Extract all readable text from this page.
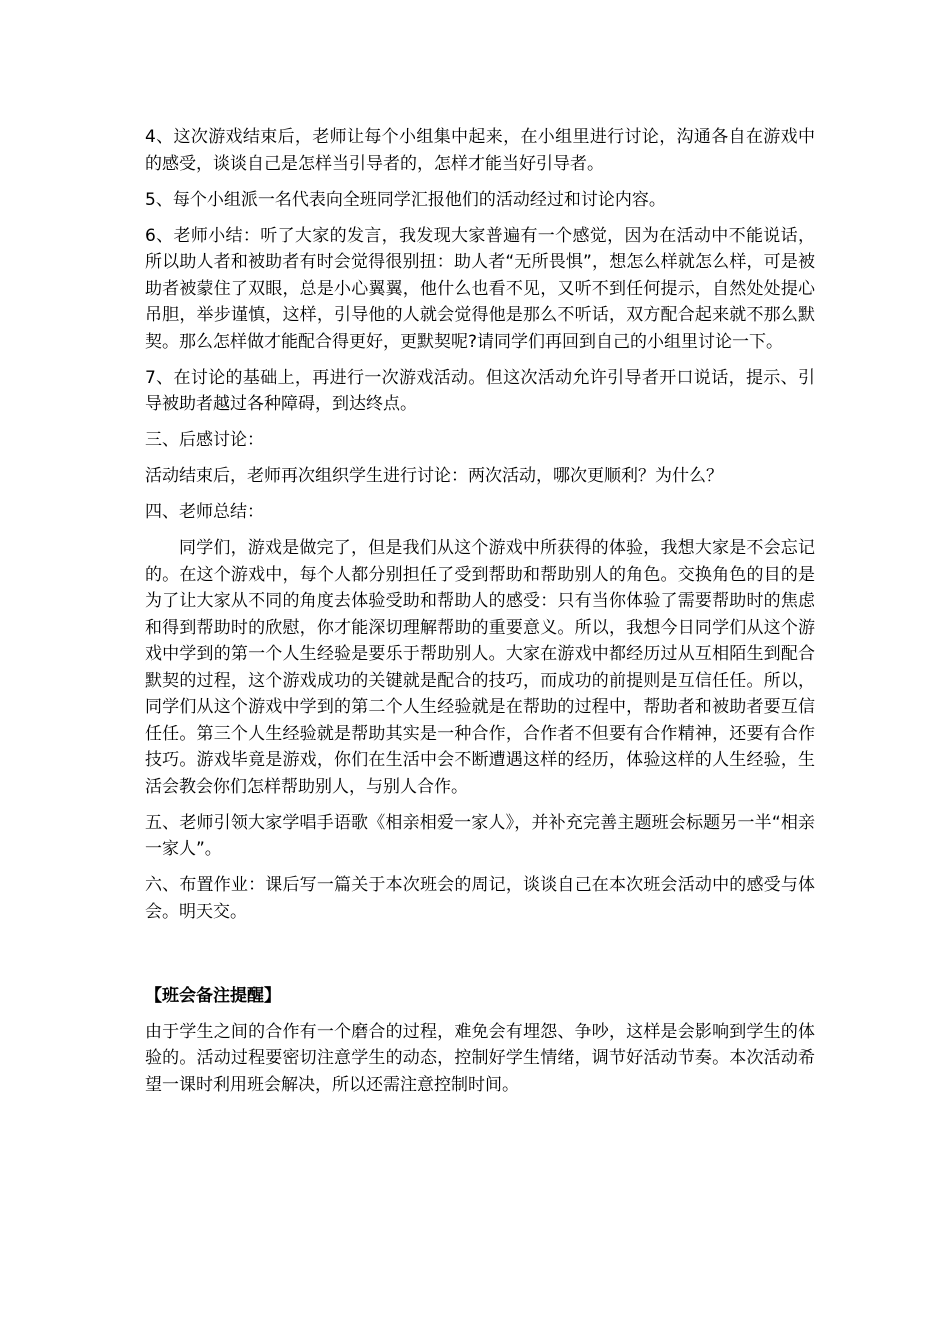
4、这次游戏结束后，老师让每个小组集中起来，在小组里进行讨论，沟通各自在游戏中的感受，谈谈自己是怎样当引导者的，怎样才能当好引导者。

5、每个小组派一名代表向全班同学汇报他们的活动经过和讨论内容。

6、老师小结：听了大家的发言，我发现大家普遍有一个感觉，因为在活动中不能说话，所以助人者和被助者有时会觉得很别扭：助人者“无所畏惧”，想怎么样就怎么样，可是被助者被蒙住了双眼，总是小心翼翼，他什么也看不见，又听不到任何提示，自然处处提心吊胆，举步谨慎，这样，引导他的人就会觉得他是那么不听话，双方配合起来就不那么默契。那么怎样做才能配合得更好，更默契呢?请同学们再回到自己的小组里讨论一下。

7、在讨论的基础上，再进行一次游戏活动。但这次活动允许引导者开口说话，提示、引导被助者越过各种障碍，到达终点。

三、后感讨论：

活动结束后，老师再次组织学生进行讨论：两次活动，哪次更顺利？为什么？

四、老师总结：

同学们，游戏是做完了，但是我们从这个游戏中所获得的体验，我想大家是不会忘记的。在这个游戏中，每个人都分别担任了受到帮助和帮助别人的角色。交换角色的目的是为了让大家从不同的角度去体验受助和帮助人的感受：只有当你体验了需要帮助时的焦虑和得到帮助时的欣慰，你才能深切理解帮助的重要意义。所以，我想今日同学们从这个游戏中学到的第一个人生经验是要乐于帮助别人。大家在游戏中都经历过从互相陌生到配合默契的过程，这个游戏成功的关键就是配合的技巧，而成功的前提则是互信任任。所以，同学们从这个游戏中学到的第二个人生经验就是在帮助的过程中，帮助者和被助者要互信任任。第三个人生经验就是帮助其实是一种合作，合作者不但要有合作精神，还要有合作技巧。游戏毕竟是游戏，你们在生活中会不断遭遇这样的经历，体验这样的人生经验，生活会教会你们怎样帮助别人，与别人合作。

五、老师引领大家学唱手语歌《相亲相爱一家人》，并补充完善主题班会标题另一半“相亲一家人”。

六、布置作业：课后写一篇关于本次班会的周记，谈谈自己在本次班会活动中的感受与体会。明天交。

【班会备注提醒】

由于学生之间的合作有一个磨合的过程，难免会有埋怨、争吵，这样是会影响到学生的体验的。活动过程要密切注意学生的动态，控制好学生情绪，调节好活动节奏。本次活动希望一课时利用班会解决，所以还需注意控制时间。
